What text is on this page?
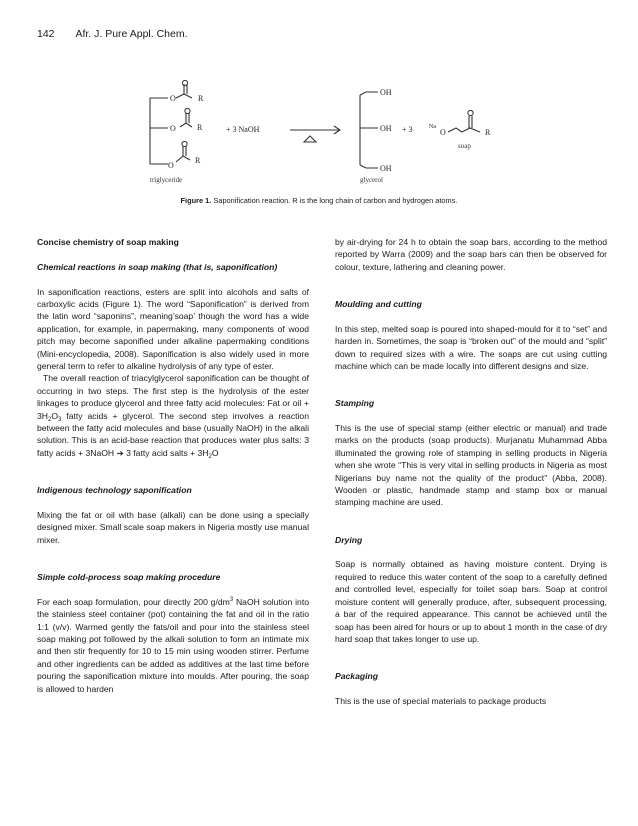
142 Afr. J. Pure Appl. Chem.
O	R
O	R
O
R
+ 3 NaOH
OH
OH
OH
+ 3	Na
O	R
triglyceride	glycerol
soap
Figure 1. Saponification reaction. R is the long chain of carbon and hydrogen atoms.
Concise chemistry of soap making
Chemical reactions in soap making (that is, saponification)

In saponification reactions, esters are split into alcohols and salts of carboxylic acids (Figure 1). The word “Saponification” is derived from the latin word “saponins”, meaning’soap’ though the word has a wide application, for example, in papermaking, many components of wood pitch may become saponified under alkaline papermaking conditions (Mini-encyclopedia, 2008). Saponification is also widely used in more general term to refer to alkaline hydrolysis of any type of ester.

The overall reaction of triacylglycerol saponification can be thought of occurring in two steps. The first step is the hydrolysis of the ester linkages to produce glycerol and three fatty acid molecules: Fat or oil + $3H_2O_3$ fatty acids + glycerol. The second step involves a reaction between the fatty acid molecules and base (usually NaOH) in the alkali solution. This is an acid-base reaction that produces water plus salts: 3 fatty acids + 3NaOH ➔ 3 fatty acid salts + $3H_2O$

Indigenous technology saponification

Mixing the fat or oil with base (alkali) can be done using a specially designed mixer. Small scale soap makers in Nigeria mostly use manual mixer.

Simple cold-process soap making procedure

For each soap formulation, pour directly 200 $g/dm^3$ NaOH solution into the stainless steel container (pot) containing the fat and oil in the ratio 1:1 (v/v). Warmed gently the fats/oil and pour into the stainless steel soap making pot followed by the alkali solution to form an intimate mix and then stir frequently for 10 to 15 min using wooden stirrer. Perfume and other ingredients can be added as additives at the last time before pouring the saponification mixture into moulds. After pouring, the soap is allowed to harden

by air-drying for 24 h to obtain the soap bars, according to the method reported by Warra (2009) and the soap bars can then be observed for colour, texture, lathering and cleaning power.

Moulding and cutting

In this step, melted soap is poured into shaped-mould for it to “set” and harden in. Sometimes, the soap is “broken out” of the mould and “split” down to required sizes with a wire. The soaps are cut using cutting machine which can be made locally into different designs and size.

Stamping

This is the use of special stamp (either electric or manual) and trade marks on the products (soap products). Murjanatu Muhammad Abba illuminated the growing role of stamping in selling products in Nigeria when she wrote “This is very vital in selling products in Nigeria as most Nigerians buy name not the quality of the product” (Abba, 2008). Wooden or plastic, handmade stamp and stamp box or manual stamping machine are used.

Drying

Soap is normally obtained as having moisture content. Drying is required to reduce this water content of the soap to a carefully defined and controlled level, especially for toilet soap bars. Soap at control moisture content will generally produce, after, subsequent processing, a bar of the required appearance. This cannot be achieved until the soap has been aired for hours or up to about 1 month in the case of dry hard soap that takes longer to use up.

Packaging

This is the use of special materials to package products
